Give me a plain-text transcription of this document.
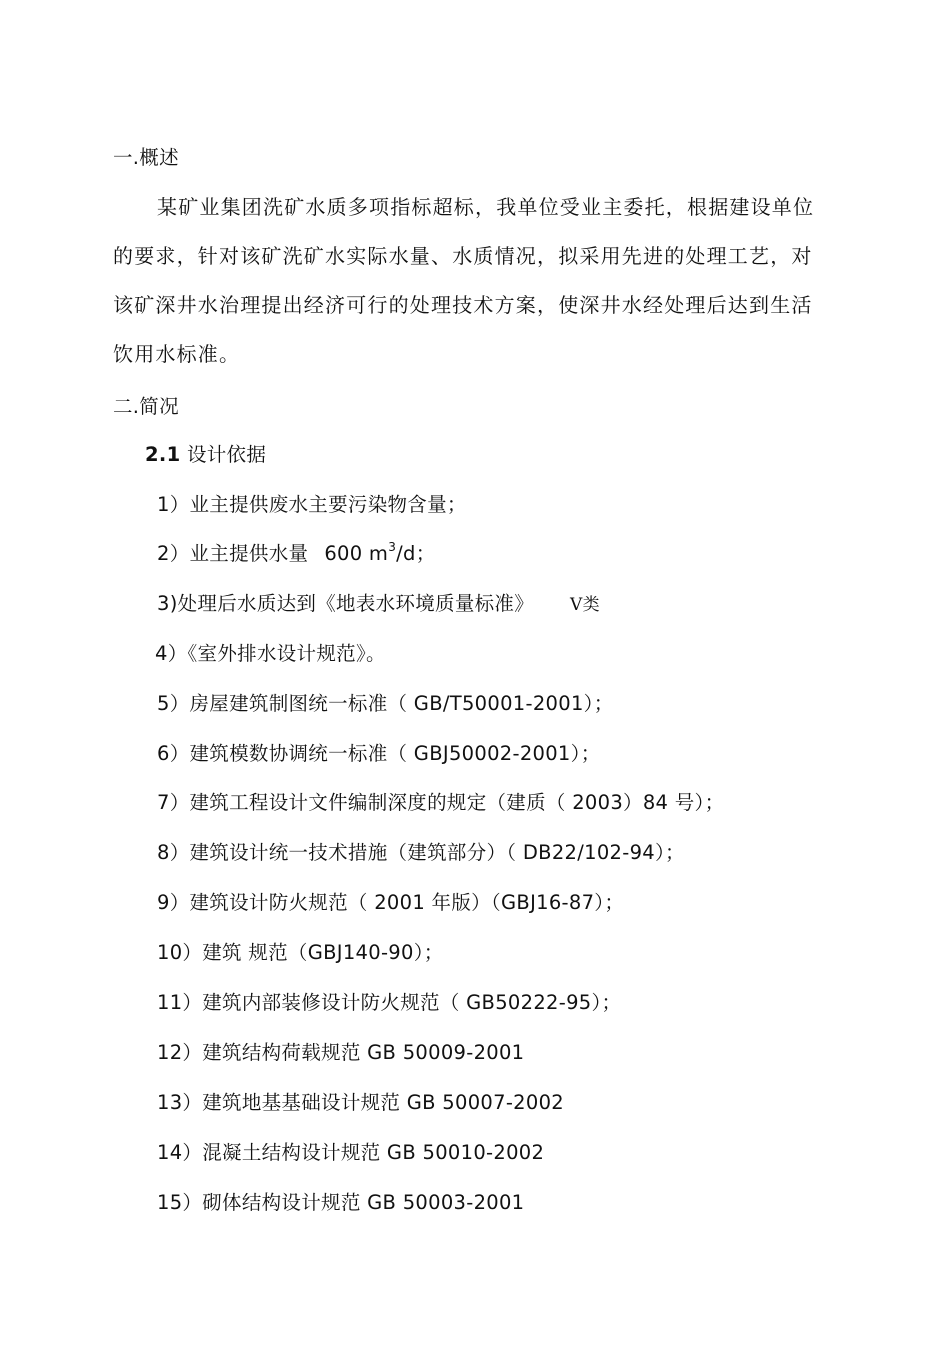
一.概述
某矿业集团洗矿水质多项指标超标，我单位受业主委托，根据建设单位
的要求，针对该矿洗矿水实际水量、水质情况，拟采用先进的处理工艺，对
该矿深井水治理提出经济可行的处理技术方案，使深井水经处理后达到生活
饮用水标准。
二.简况
2.1 设计依据
1）业主提供废水主要污染物含量；
2）业主提供水量 600 $m^3/d$；
3)处理后水质达到《地表水环境质量标准》 V类
4）《室外排水设计规范》。
5）房屋建筑制图统一标准（ GB/T50001-2001）；
6）建筑模数协调统一标准（ GBJ50002-2001）；
7）建筑工程设计文件编制深度的规定（建质（ 2003）84 号）；
8）建筑设计统一技术措施（建筑部分）（ DB22/102-94）；
9）建筑设计防火规范（ 2001 年版）（GBJ16-87）；
10）建筑 规范（GBJ140-90）；
11）建筑内部装修设计防火规范（ GB50222-95）；
12）建筑结构荷载规范 GB 50009-2001
13）建筑地基基础设计规范 GB 50007-2002
14）混凝土结构设计规范 GB 50010-2002
15）砌体结构设计规范 GB 50003-2001
